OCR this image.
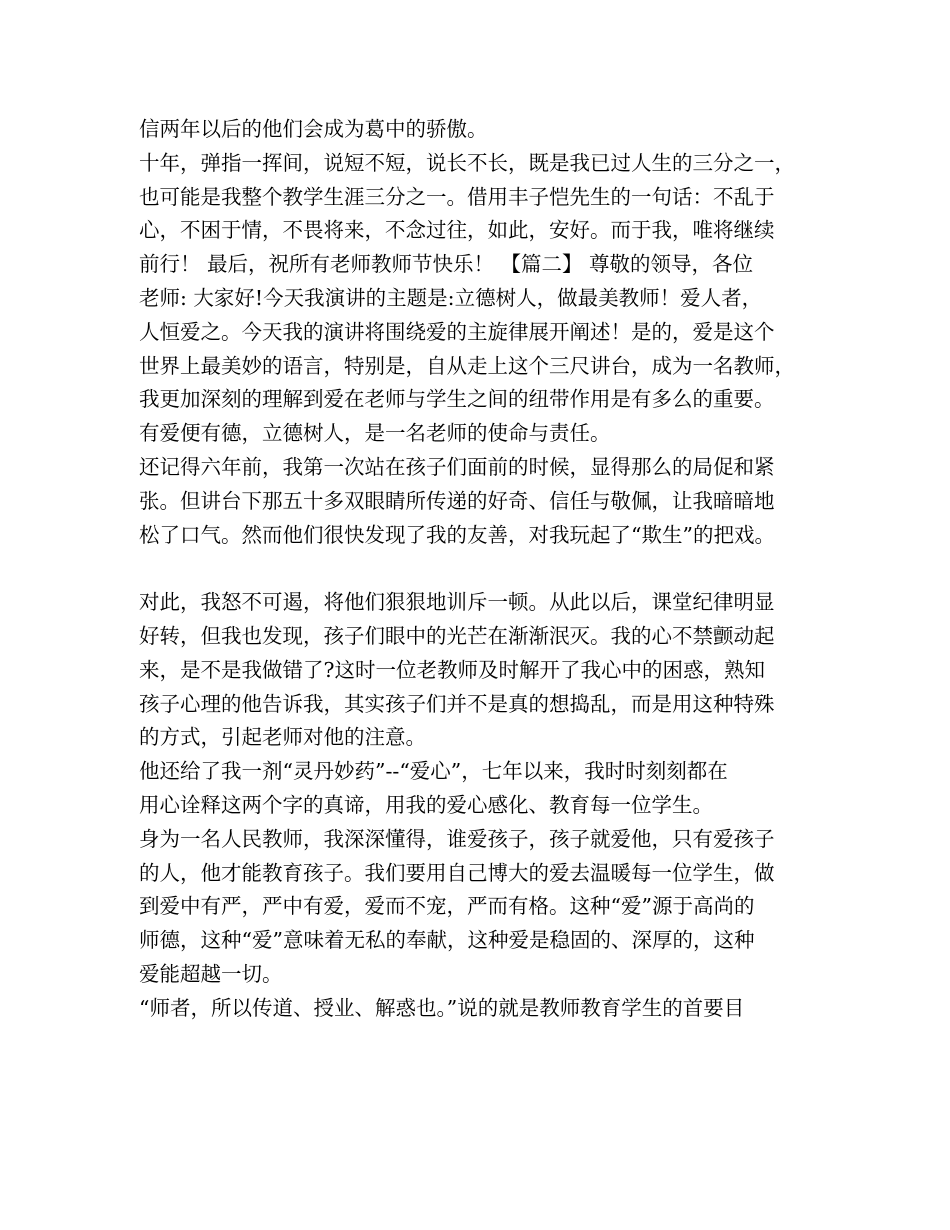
信两年以后的他们会成为葛中的骄傲。
十年，弹指一挥间，说短不短，说长不长，既是我已过人生的三分之一，
也可能是我整个教学生涯三分之一。借用丰子恺先生的一句话：不乱于
心，不困于情，不畏将来，不念过往，如此，安好。而于我，唯将继续
前行！ 最后，祝所有老师教师节快乐！ 【篇二】 尊敬的领导，各位
老师: 大家好!今天我演讲的主题是:立德树人，做最美教师！爱人者，
人恒爱之。今天我的演讲将围绕爱的主旋律展开阐述！是的，爱是这个
世界上最美妙的语言，特别是，自从走上这个三尺讲台，成为一名教师，
我更加深刻的理解到爱在老师与学生之间的纽带作用是有多么的重要。
有爱便有德，立德树人，是一名老师的使命与责任。
还记得六年前，我第一次站在孩子们面前的时候，显得那么的局促和紧
张。但讲台下那五十多双眼睛所传递的好奇、信任与敬佩，让我暗暗地
松了口气。然而他们很快发现了我的友善，对我玩起了“欺生”的把戏。
对此，我怒不可遏，将他们狠狠地训斥一顿。从此以后，课堂纪律明显
好转，但我也发现，孩子们眼中的光芒在渐渐泯灭。我的心不禁颤动起
来，是不是我做错了?这时一位老教师及时解开了我心中的困惑，熟知
孩子心理的他告诉我，其实孩子们并不是真的想捣乱，而是用这种特殊
的方式，引起老师对他的注意。
他还给了我一剂“灵丹妙药”--“爱心”，七年以来，我时时刻刻都在
用心诠释这两个字的真谛，用我的爱心感化、教育每一位学生。
身为一名人民教师，我深深懂得，谁爱孩子，孩子就爱他，只有爱孩子
的人，他才能教育孩子。我们要用自己博大的爱去温暖每一位学生，做
到爱中有严，严中有爱，爱而不宠，严而有格。这种“爱”源于高尚的
师德，这种“爱”意味着无私的奉献，这种爱是稳固的、深厚的，这种
爱能超越一切。
“师者，所以传道、授业、解惑也。”说的就是教师教育学生的首要目
